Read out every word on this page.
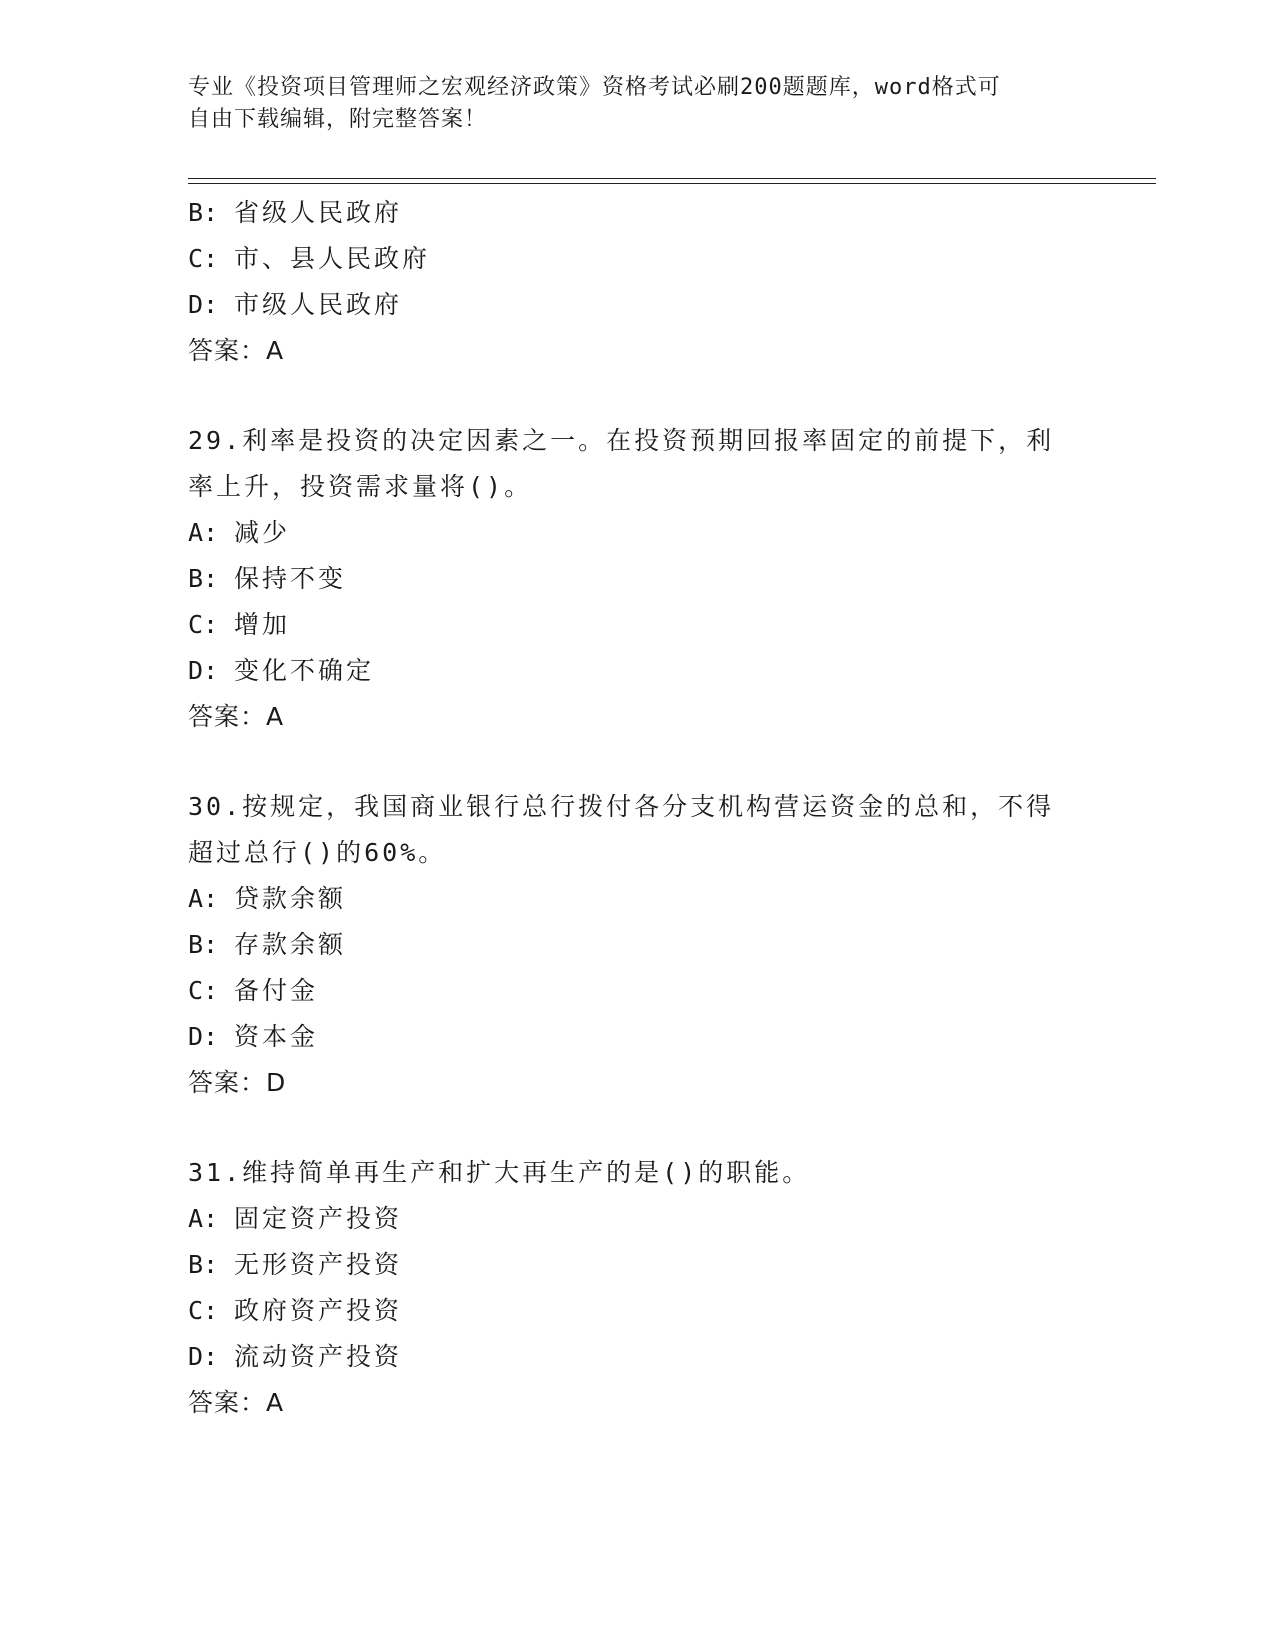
专业《投资项目管理师之宏观经济政策》资格考试必刷200题题库，word格式可
自由下载编辑，附完整答案！
B: 省级人民政府
C: 市、县人民政府
D: 市级人民政府
答案：A
29.利率是投资的决定因素之一。在投资预期回报率固定的前提下，利
率上升，投资需求量将()。
A: 减少
B: 保持不变
C: 增加
D: 变化不确定
答案：A
30.按规定，我国商业银行总行拨付各分支机构营运资金的总和，不得
超过总行()的60%。
A: 贷款余额
B: 存款余额
C: 备付金
D: 资本金
答案：D
31.维持简单再生产和扩大再生产的是()的职能。
A: 固定资产投资
B: 无形资产投资
C: 政府资产投资
D: 流动资产投资
答案：A
